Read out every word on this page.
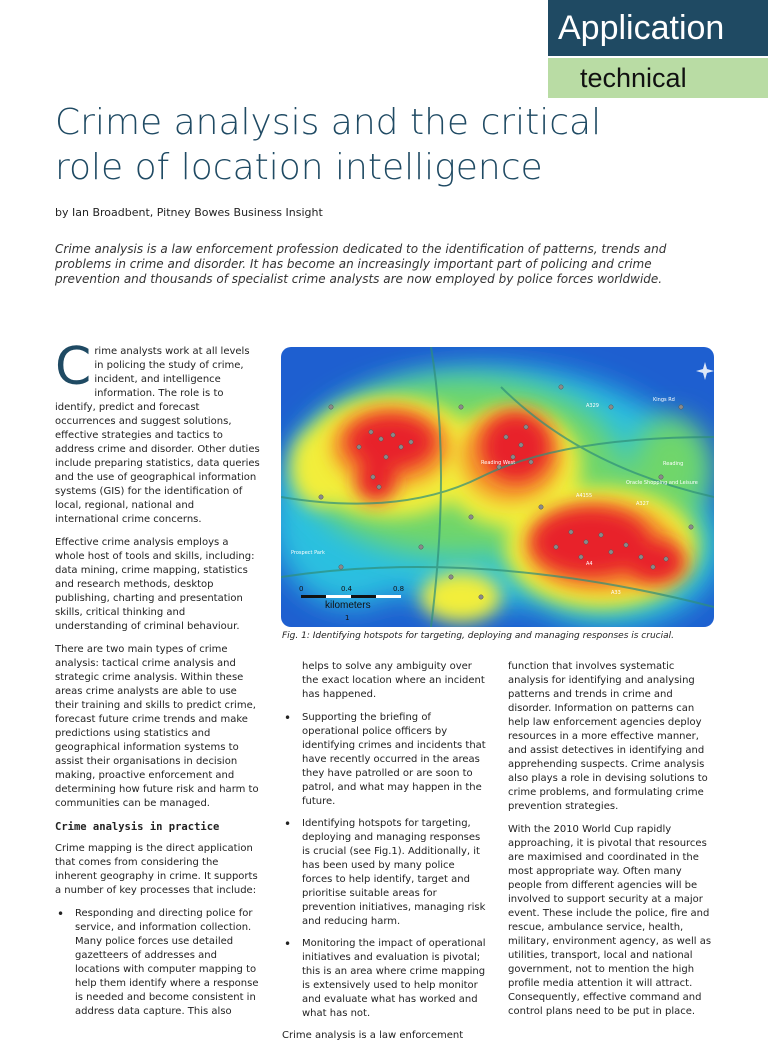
Application
technical
Crime analysis and the critical role of location intelligence
by Ian Broadbent, Pitney Bowes Business Insight
Crime analysis is a law enforcement profession dedicated to the identification of patterns, trends and problems in crime and disorder. It has become an increasingly important part of policing and crime prevention and thousands of specialist crime analysts are now employed by police forces worldwide.

C rime analysts work at all levels in policing the study of crime, incident, and intelligence information. The role is to identify, predict and forecast occurrences and suggest solutions, effective strategies and tactics to address crime and disorder. Other duties include preparing statistics, data queries and the use of geographical information systems (GIS) for the identification of local, regional, national and international crime concerns.

Effective crime analysis employs a whole host of tools and skills, including: data mining, crime mapping, statistics and research methods, desktop publishing, charting and presentation skills, critical thinking and understanding of criminal behaviour.

There are two main types of crime analysis: tactical crime analysis and strategic crime analysis. Within these areas crime analysts are able to use their training and skills to predict crime, forecast future crime trends and make predictions using statistics and geographical information systems to assist their organisations in decision making, proactive enforcement and determining how future risk and harm to communities can be managed.

Crime analysis in practice

Crime mapping is the direct application that comes from considering the inherent geography in crime. It supports a number of key processes that include:

• Responding and directing police for service, and information collection. Many police forces use detailed gazetteers of addresses and locations with computer mapping to help them identify where a response is needed and become consistent in address data capture. This also
Reading
Oracle Shopping and Leisure
Prospect Park
Reading West
A329
A33
A4
A4155
A327
Kings Rd
0	0.4	0.8
kilometers
1
Fig. 1: Identifying hotspots for targeting, deploying and managing responses is crucial.

helps to solve any ambiguity over the exact location where an incident has happened.

• Supporting the briefing of operational police officers by identifying crimes and incidents that have recently occurred in the areas they have patrolled or are soon to patrol, and what may happen in the future.
• Identifying hotspots for targeting, deploying and managing responses is crucial (see Fig.1). Additionally, it has been used by many police forces to help identify, target and prioritise suitable areas for prevention initiatives, managing risk and reducing harm.
• Monitoring the impact of operational initiatives and evaluation is pivotal; this is an area where crime mapping is extensively used to help monitor and evaluate what has worked and what has not.

Crime analysis is a law enforcement

function that involves systematic analysis for identifying and analysing patterns and trends in crime and disorder. Information on patterns can help law enforcement agencies deploy resources in a more effective manner, and assist detectives in identifying and apprehending suspects. Crime analysis also plays a role in devising solutions to crime problems, and formulating crime prevention strategies.

With the 2010 World Cup rapidly approaching, it is pivotal that resources are maximised and coordinated in the most appropriate way. Often many people from different agencies will be involved to support security at a major event. These include the police, fire and rescue, ambulance service, health, military, environment agency, as well as utilities, transport, local and national government, not to mention the high profile media attention it will attract. Consequently, effective command and control plans need to be put in place.
